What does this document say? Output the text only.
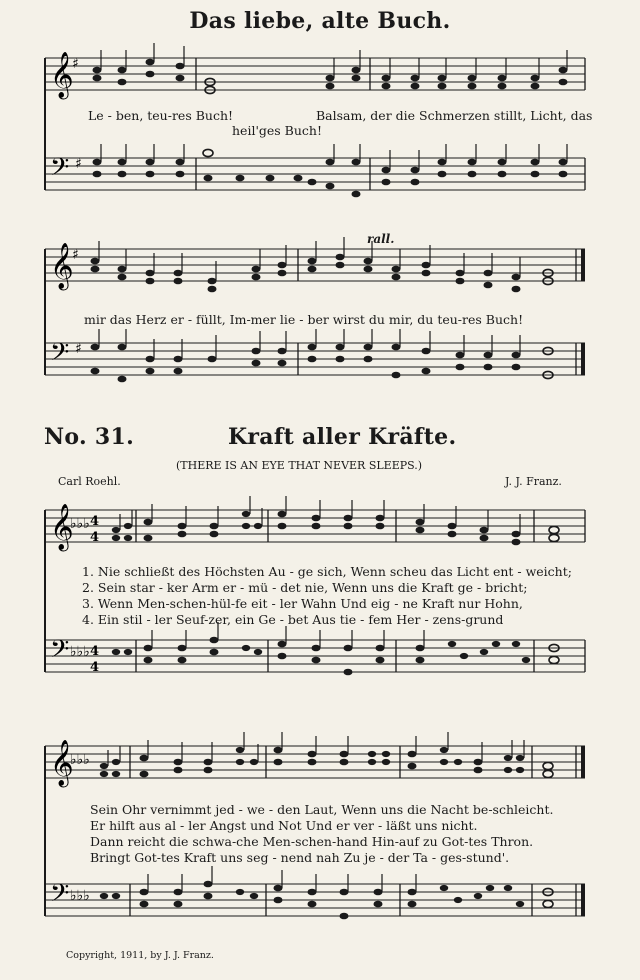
Das liebe, alte Buch.
𝄞
♯
𝄢 ♯
Le - ben, teu-res Buch!	Balsam, der die Schmerzen stillt, Licht, das
heil'ges Buch!
rall.
𝄞
♯
𝄢 ♯
mir das Herz er - füllt, Im-mer lie - ber wirst du mir, du teu-res Buch!
No. 31.	Kraft aller Kräfte.
(THERE IS AN EYE THAT NEVER SLEEPS.)
Carl Roehl.	J. J. Franz.
𝄞
♭♭♭ 4
4
𝄢 ♭♭♭ 4
4
1. Nie schließt des Höchsten Au - ge sich, Wenn scheu das Licht ent - weicht;
2. Sein star - ker Arm er - mü - det nie, Wenn uns die Kraft ge - bricht;
3. Wenn Men-schen-hül-fe eit - ler Wahn Und eig - ne Kraft nur Hohn,
4. Ein stil - ler Seuf-zer, ein Ge - bet Aus tie - fem Her - zens-grund
𝄞
♭♭♭
𝄢 ♭♭♭
Sein Ohr vernimmt jed - we - den Laut, Wenn uns die Nacht be-schleicht.
Er hilft aus al - ler Angst und Not Und er ver - läßt uns nicht.
Dann reicht die schwa-che Men-schen-hand Hin-auf zu Got-tes Thron.
Bringt Got-tes Kraft uns seg - nend nah Zu je - der Ta - ges-stund'.
Copyright, 1911, by J. J. Franz.
